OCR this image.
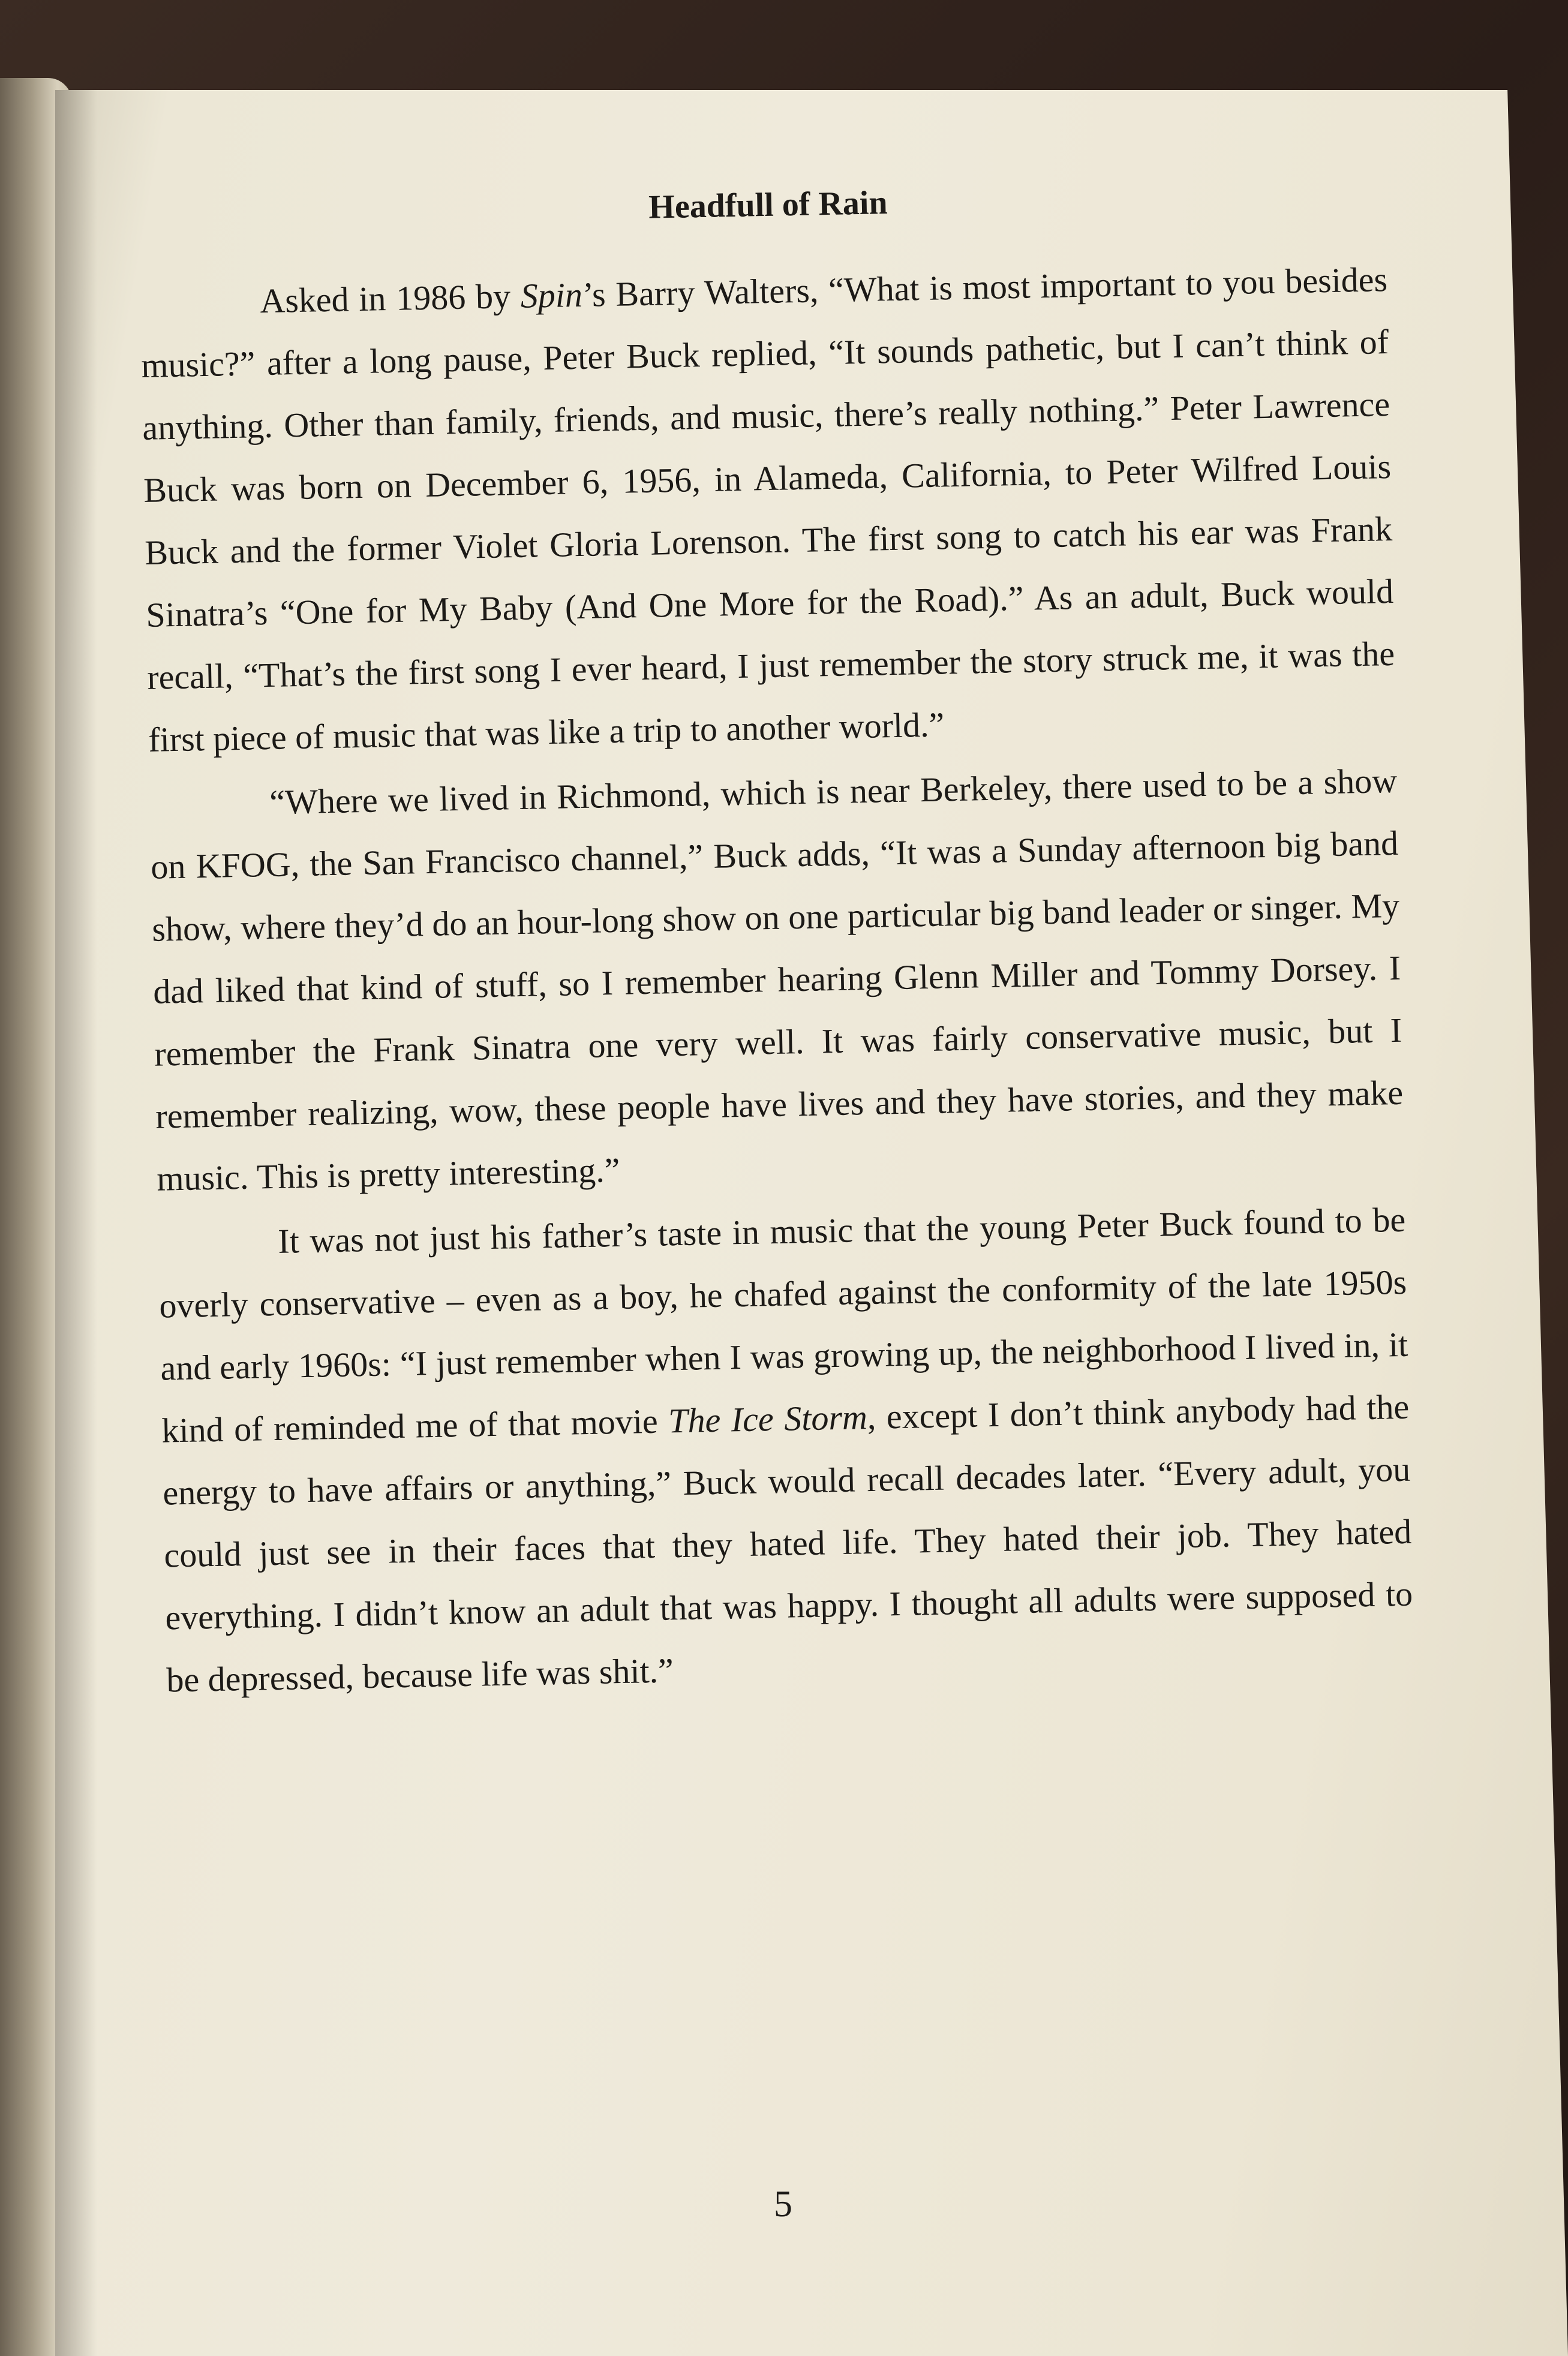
Headfull of Rain

Asked in 1986 by Spin’s Barry Walters, “What is most important to you besides music?” after a long pause, Peter Buck replied, “It sounds pathetic, but I can’t think of anything. Other than family, friends, and music, there’s really nothing.” Peter Lawrence Buck was born on December 6, 1956, in Alameda, California, to Peter Wilfred Louis Buck and the former Violet Gloria Lorenson. The first song to catch his ear was Frank Sinatra’s “One for My Baby (And One More for the Road).” As an adult, Buck would recall, “That’s the first song I ever heard, I just remember the story struck me, it was the first piece of music that was like a trip to another world.”

“Where we lived in Richmond, which is near Berkeley, there used to be a show on KFOG, the San Francisco channel,” Buck adds, “It was a Sunday afternoon big band show, where they’d do an hour-long show on one particular big band leader or singer. My dad liked that kind of stuff, so I remember hearing Glenn Miller and Tommy Dorsey. I remember the Frank Sinatra one very well. It was fairly conservative music, but I remember realizing, wow, these people have lives and they have stories, and they make music. This is pretty interesting.”

It was not just his father’s taste in music that the young Peter Buck found to be overly conservative – even as a boy, he chafed against the conformity of the late 1950s and early 1960s: “I just remember when I was growing up, the neighborhood I lived in, it kind of reminded me of that movie The Ice Storm, except I don’t think anybody had the energy to have affairs or anything,” Buck would recall decades later. “Every adult, you could just see in their faces that they hated life. They hated their job. They hated everything. I didn’t know an adult that was happy. I thought all adults were supposed to be depressed, because life was shit.”

5
